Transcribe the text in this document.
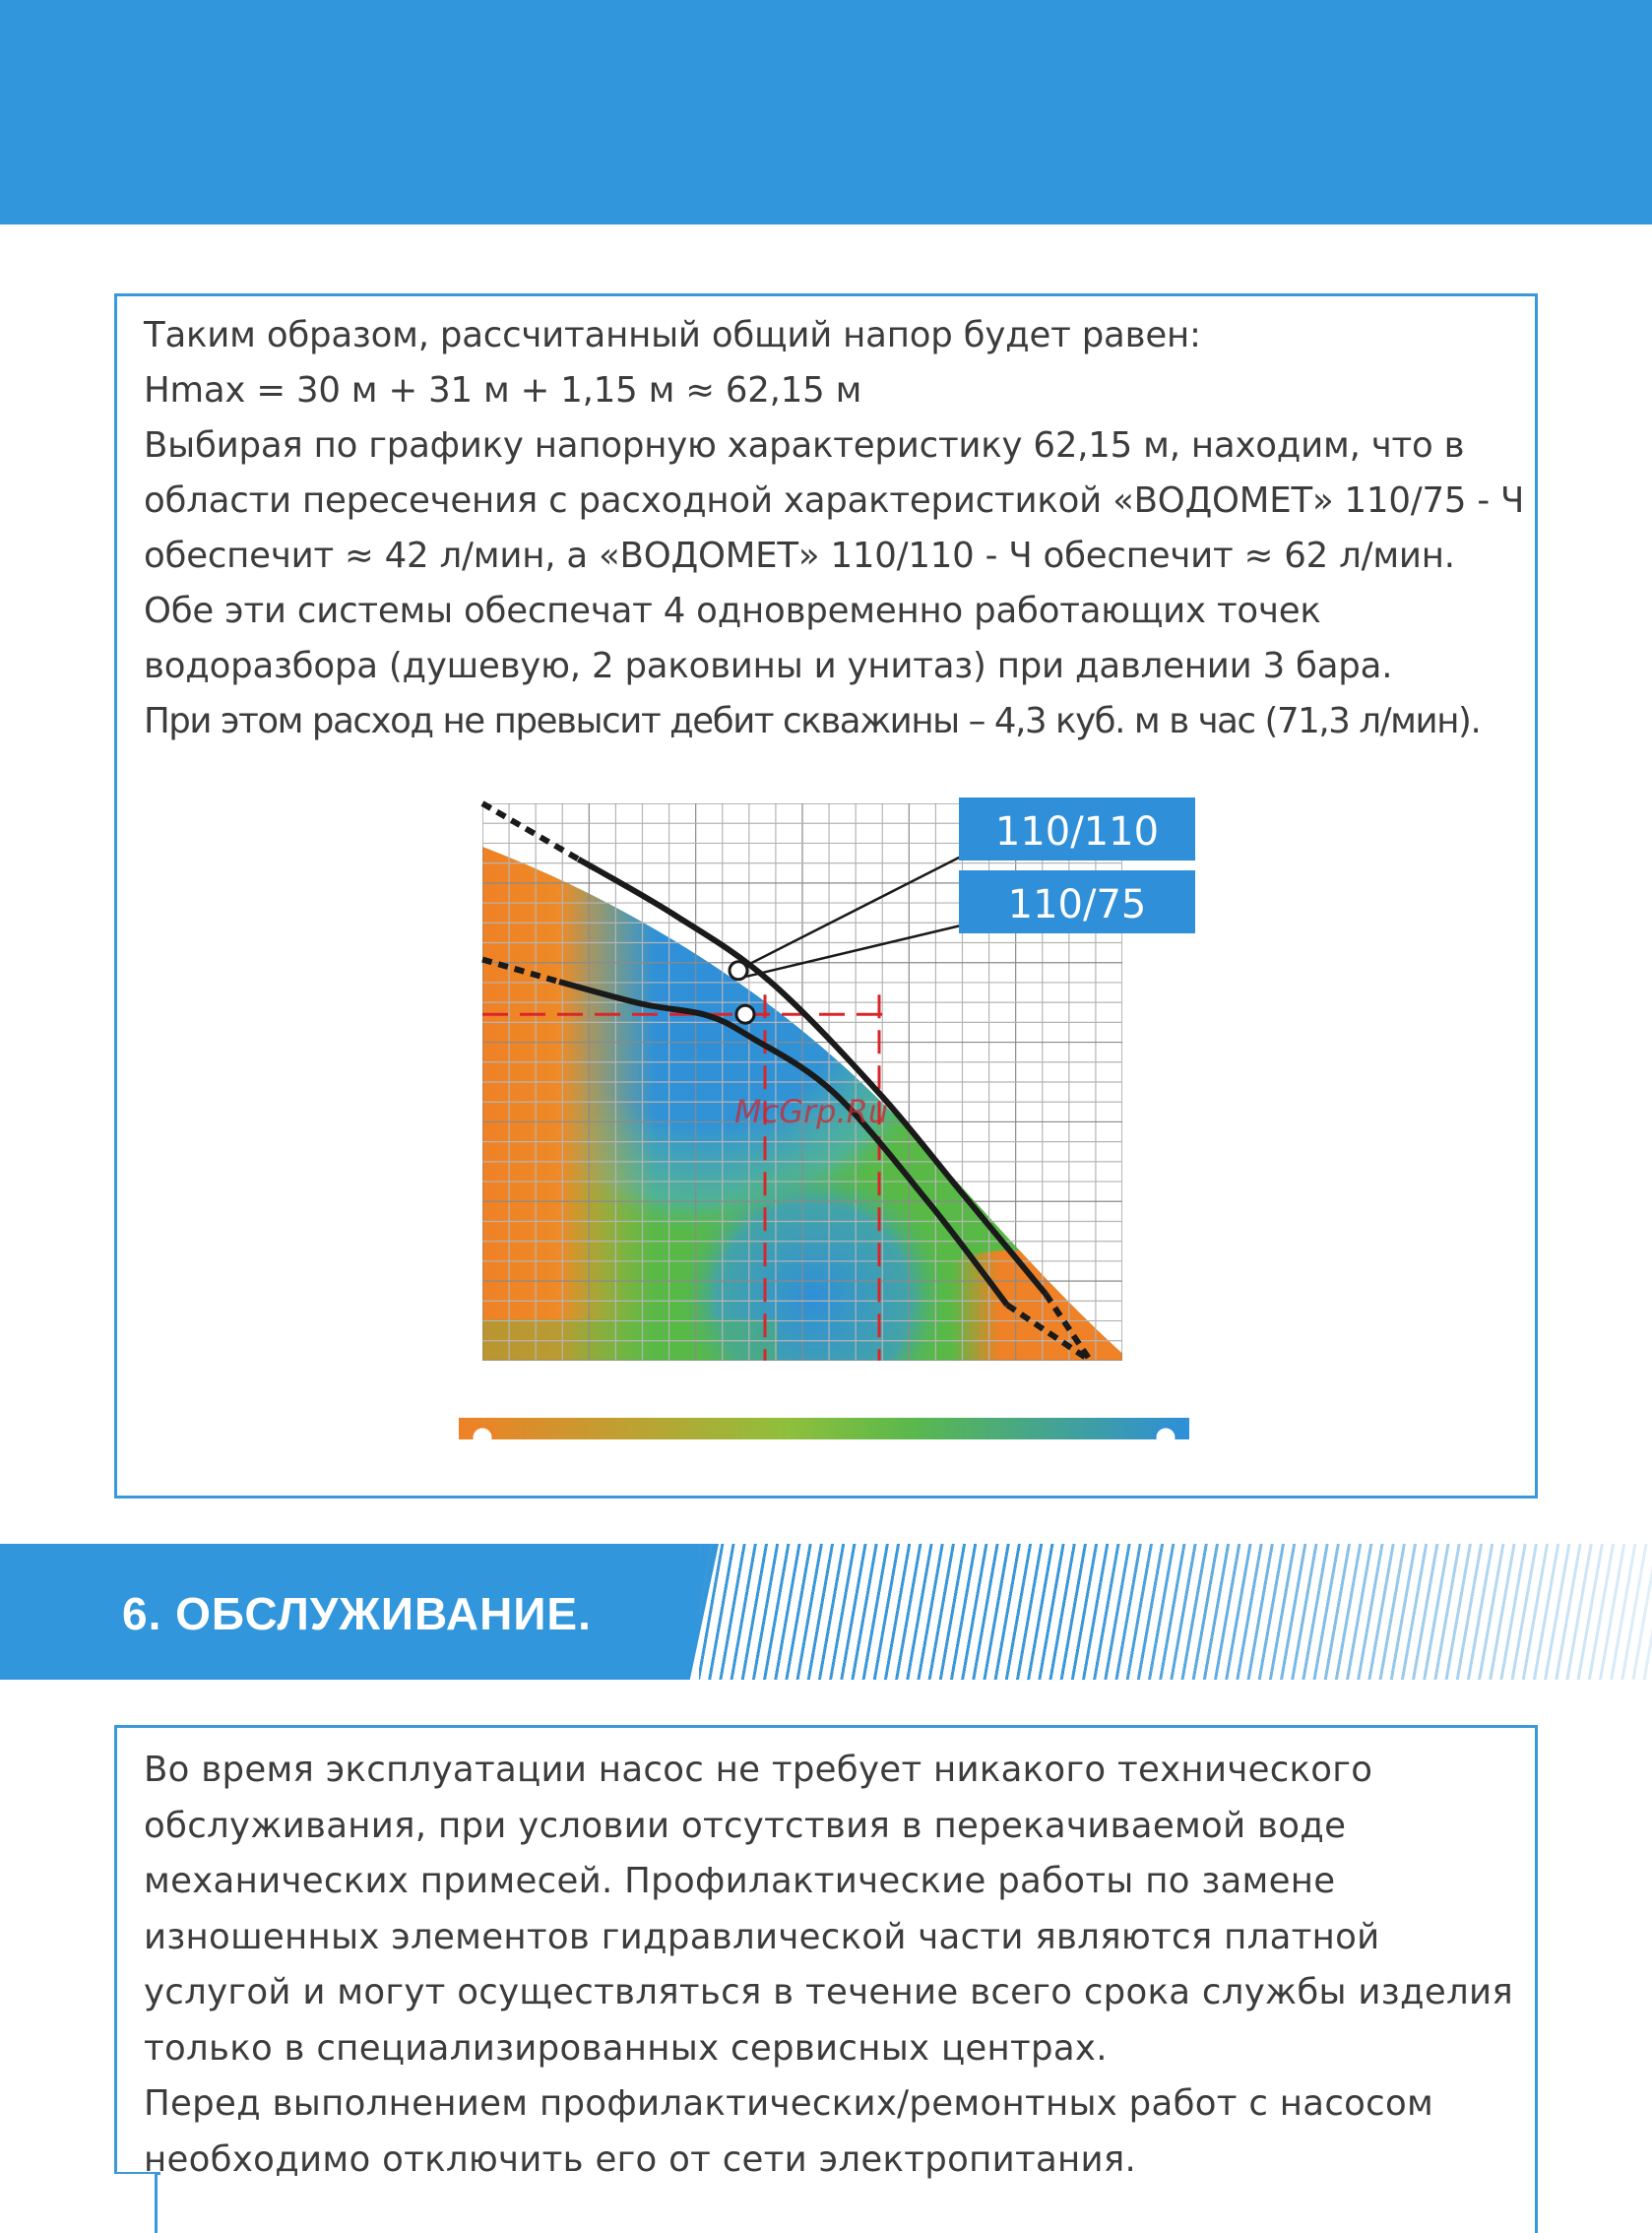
Таким образом, рассчитанный общий напор будет равен:
Hmax = 30 м + 31 м + 1,15 м ≈ 62,15 м
Выбирая по графику напорную характеристику 62,15 м, находим, что в
области пересечения с расходной характеристикой «ВОДОМЕТ» 110/75 - Ч
обеспечит ≈ 42 л/мин, а «ВОДОМЕТ» 110/110 - Ч обеспечит ≈ 62 л/мин.
Обе эти системы обеспечат 4 одновременно работающих точек
водоразбора (душевую, 2 раковины и унитаз) при давлении 3 бара.
При этом расход не превысит дебит скважины – 4,3 куб. м в час (71,3 л/мин).
110/110
110/75
McGrp.Ru
6. ОБСЛУЖИВАНИЕ.
Во время эксплуатации насос не требует никакого технического
обслуживания, при условии отсутствия в перекачиваемой воде
механических примесей. Профилактические работы по замене
изношенных элементов гидравлической части являются платной
услугой и могут осуществляться в течение всего срока службы изделия
только в специализированных сервисных центрах.
Перед выполнением профилактических/ремонтных работ с насосом
необходимо отключить его от сети электропитания.
